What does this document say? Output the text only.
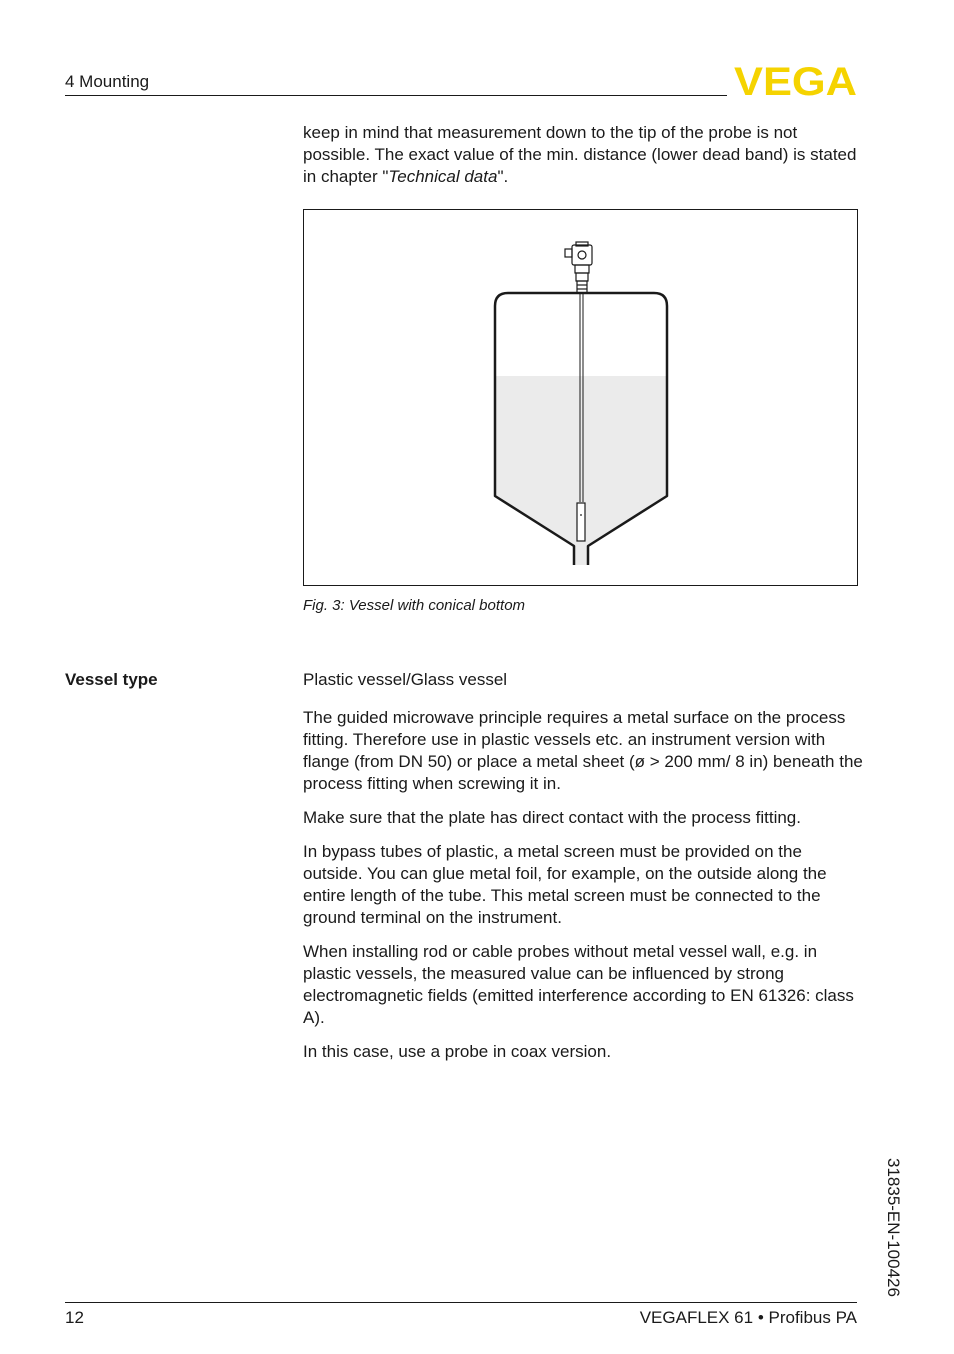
4 Mounting	VEGA
keep in mind that measurement down to the tip of the probe is not possible. The exact value of the min. distance (lower dead band) is stated in chapter "Technical data".
Fig. 3: Vessel with conical bottom
Vessel type	Plastic vessel/Glass vessel

The guided microwave principle requires a metal surface on the process fitting. Therefore use in plastic vessels etc. an instrument version with flange (from DN 50) or place a metal sheet (ø > 200 mm/ 8 in) beneath the process fitting when screwing it in.

Make sure that the plate has direct contact with the process fitting.

In bypass tubes of plastic, a metal screen must be provided on the outside. You can glue metal foil, for example, on the outside along the entire length of the tube. This metal screen must be connected to the ground terminal on the instrument.

When installing rod or cable probes without metal vessel wall, e.g. in plastic vessels, the measured value can be influenced by strong electromagnetic fields (emitted interference according to EN 61326: class A).

In this case, use a probe in coax version.

31835-EN-100426
12	VEGAFLEX 61 • Profibus PA
